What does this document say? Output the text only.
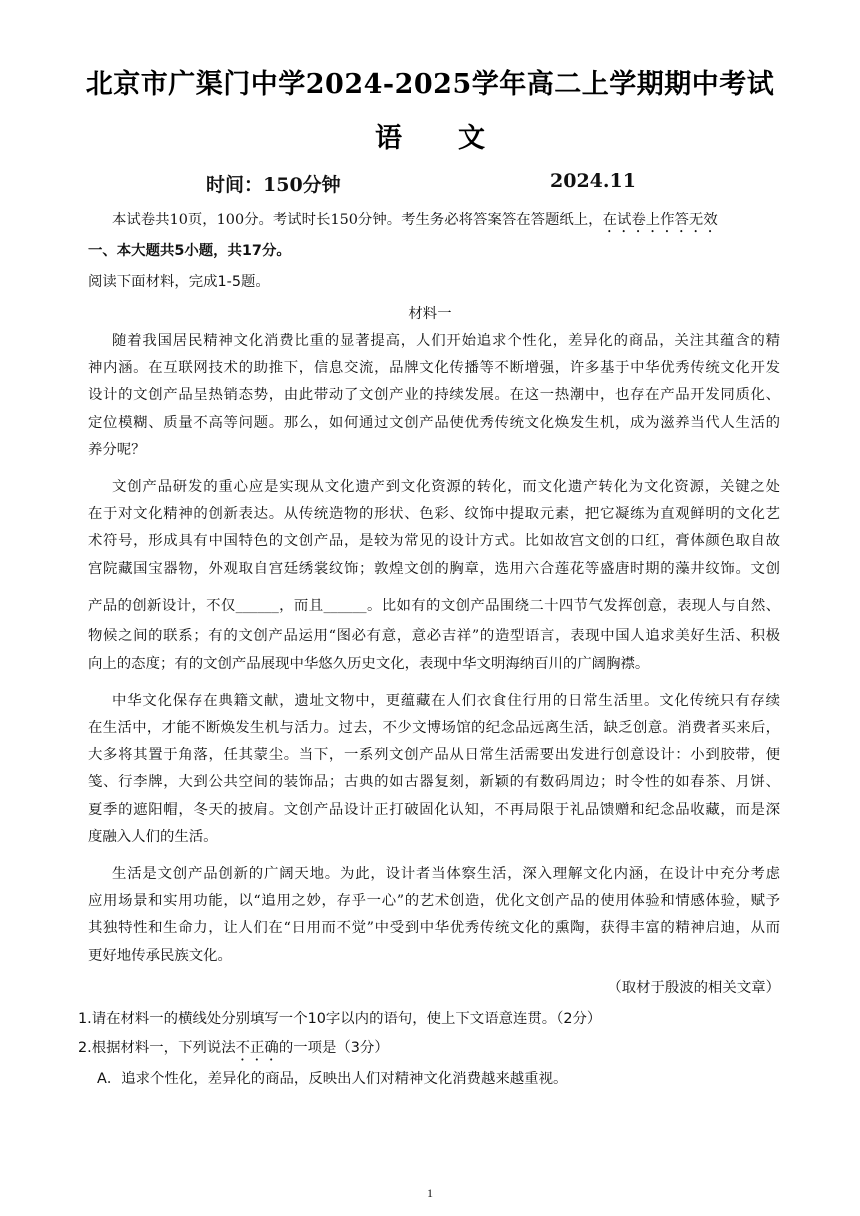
北京市广渠门中学2024-2025学年高二上学期期中考试
语文
时间：150分钟	2024.11
本试卷共10页，100分。考试时长150分钟。考生务必将答案答在答题纸上，在试卷上作答无效
一、本大题共5小题，共17分。
阅读下面材料，完成1-5题。
材料一
随着我国居民精神文化消费比重的显著提高，人们开始追求个性化，差异化的商品，关注其蕴含的精
神内涵。在互联网技术的助推下，信息交流，品牌文化传播等不断增强，许多基于中华优秀传统文化开发
设计的文创产品呈热销态势，由此带动了文创产业的持续发展。在这一热潮中，也存在产品开发同质化、
定位模糊、质量不高等问题。那么，如何通过文创产品使优秀传统文化焕发生机，成为滋养当代人生活的
养分呢？
文创产品研发的重心应是实现从文化遗产到文化资源的转化，而文化遗产转化为文化资源，关键之处
在于对文化精神的创新表达。从传统造物的形状、色彩、纹饰中提取元素，把它凝练为直观鲜明的文化艺
术符号，形成具有中国特色的文创产品，是较为常见的设计方式。比如故宫文创的口红，膏体颜色取自故
宫院藏国宝器物，外观取自宫廷绣裳纹饰；敦煌文创的胸章，选用六合莲花等盛唐时期的藻井纹饰。文创
产品的创新设计，不仅______，而且______。比如有的文创产品围绕二十四节气发挥创意，表现人与自然、
物候之间的联系；有的文创产品运用“图必有意，意必吉祥”的造型语言，表现中国人追求美好生活、积极
向上的态度；有的文创产品展现中华悠久历史文化，表现中华文明海纳百川的广阔胸襟。
中华文化保存在典籍文献，遗址文物中，更蕴藏在人们衣食住行用的日常生活里。文化传统只有存续
在生活中，才能不断焕发生机与活力。过去，不少文博场馆的纪念品远离生活，缺乏创意。消费者买来后，
大多将其置于角落，任其蒙尘。当下，一系列文创产品从日常生活需要出发进行创意设计：小到胶带，便
笺、行李牌，大到公共空间的装饰品；古典的如古器复刻，新颖的有数码周边；时令性的如春茶、月饼、
夏季的遮阳帽，冬天的披肩。文创产品设计正打破固化认知，不再局限于礼品馈赠和纪念品收藏，而是深
度融入人们的生活。
生活是文创产品创新的广阔天地。为此，设计者当体察生活，深入理解文化内涵，在设计中充分考虑
应用场景和实用功能，以“追用之妙，存乎一心”的艺术创造，优化文创产品的使用体验和情感体验，赋予
其独特性和生命力，让人们在“日用而不觉”中受到中华优秀传统文化的熏陶，获得丰富的精神启迪，从而
更好地传承民族文化。
（取材于殷波的相关文章）
1.请在材料一的横线处分别填写一个10字以内的语句，使上下文语意连贯。（2分）
2.根据材料一，下列说法不正确的一项是（3分）
A．追求个性化，差异化的商品，反映出人们对精神文化消费越来越重视。
1
